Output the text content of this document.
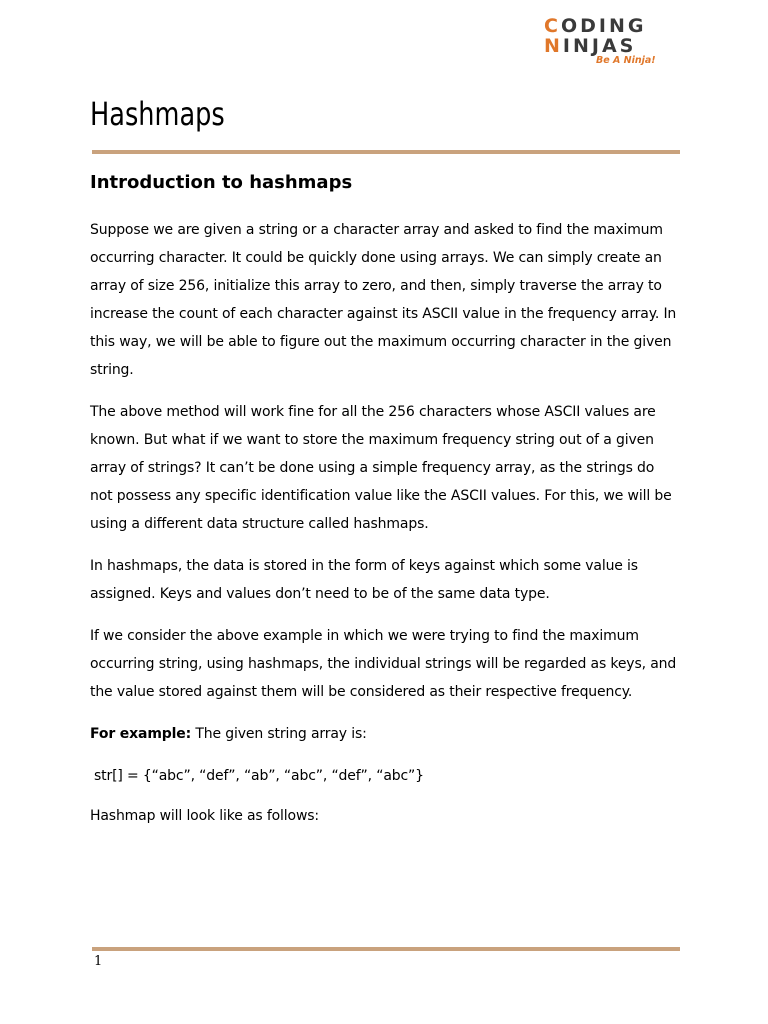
CODING
NINJAS
Be A Ninja!
Hashmaps
Introduction to hashmaps

Suppose we are given a string or a character array and asked to find the maximum occurring character. It could be quickly done using arrays. We can simply create an array of size 256, initialize this array to zero, and then, simply traverse the array to increase the count of each character against its ASCII value in the frequency array. In this way, we will be able to figure out the maximum occurring character in the given string.

The above method will work fine for all the 256 characters whose ASCII values are known. But what if we want to store the maximum frequency string out of a given array of strings? It can’t be done using a simple frequency array, as the strings do not possess any specific identification value like the ASCII values. For this, we will be using a different data structure called hashmaps.

In hashmaps, the data is stored in the form of keys against which some value is assigned. Keys and values don’t need to be of the same data type.

If we consider the above example in which we were trying to find the maximum occurring string, using hashmaps, the individual strings will be regarded as keys, and the value stored against them will be considered as their respective frequency.

For example: The given string array is:

str[] = {“abc”, “def”, “ab”, “abc”, “def”, “abc”}

Hashmap will look like as follows:

1
